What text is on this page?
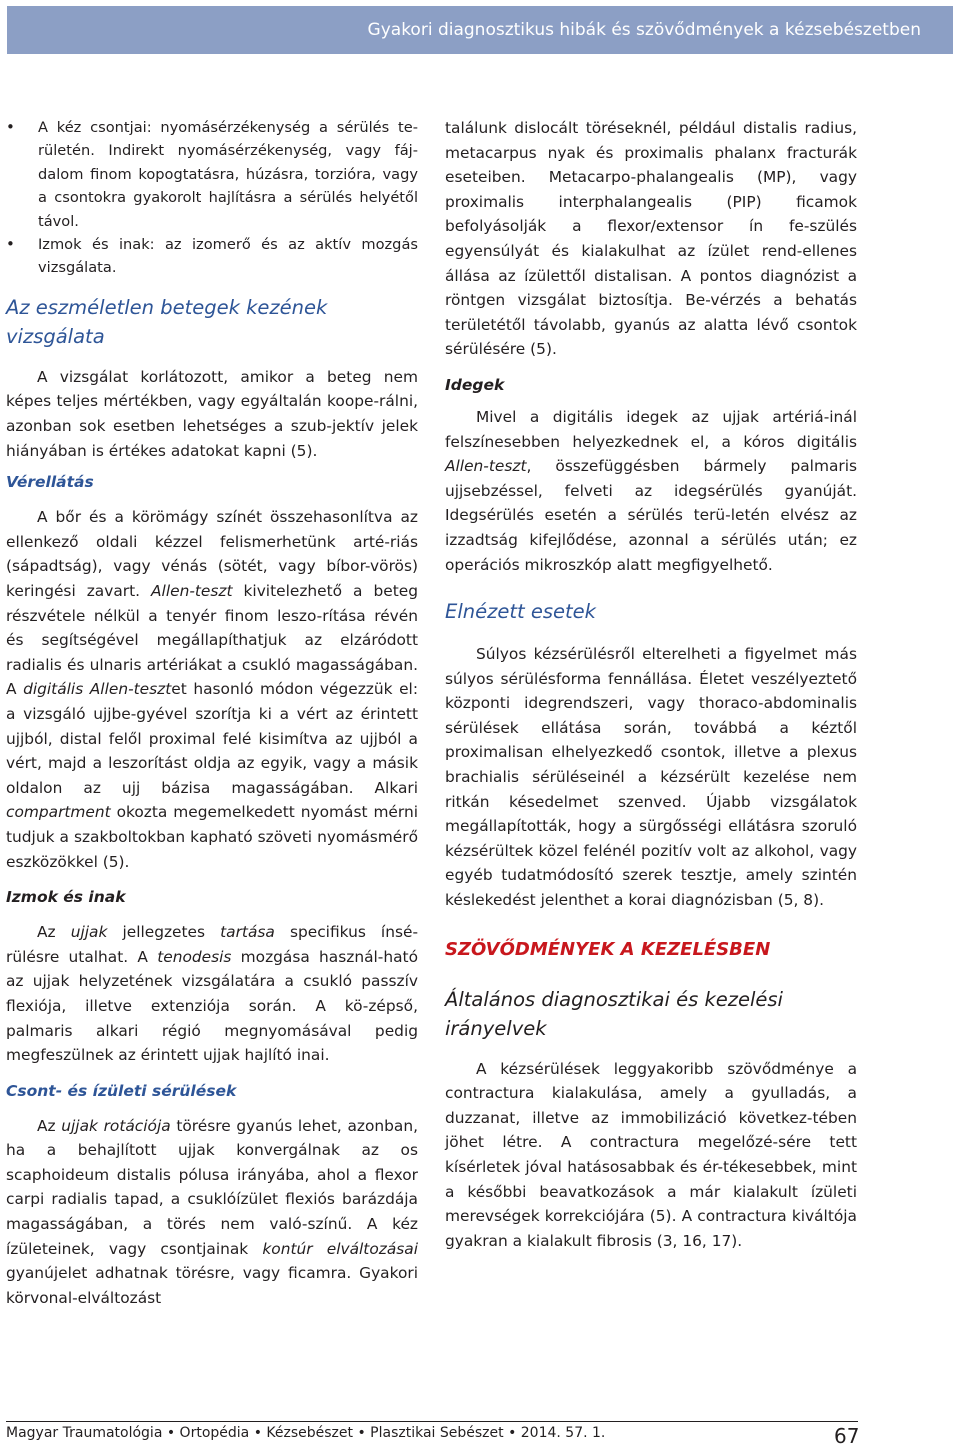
Gyakori diagnosztikus hibák és szövődmények a kézsebészetben
• A kéz csontjai: nyomásérzékenység a sérülés te-rületén. Indirekt nyomásérzékenység, vagy fáj-dalom finom kopogtatásra, húzásra, torzióra, vagy a csontokra gyakorolt hajlításra a sérülés helyétől távol.
• Izmok és inak: az izomerő és az aktív mozgás vizsgálata.
Az eszméletlen betegek kezének
vizsgálata
A vizsgálat korlátozott, amikor a beteg nem képes teljes mértékben, vagy egyáltalán koope-rálni, azonban sok esetben lehetséges a szub-jektív jelek hiányában is értékes adatokat kapni (5).
Vérellátás
A bőr és a körömágy színét összehasonlítva az ellenkező oldali kézzel felismerhetünk arté-riás (sápadtság), vagy vénás (sötét, vagy bíbor-vörös) keringési zavart. Allen-teszt kivitelezhető a beteg részvétele nélkül a tenyér finom leszo-rítása révén és segítségével megállapíthatjuk az elzáródott radialis és ulnaris artériákat a csukló magasságában. A digitális Allen-tesztet hasonló módon végezzük el: a vizsgáló ujjbe-gyével szorítja ki a vért az érintett ujjból, distal felől proximal felé kisimítva az ujjból a vért, majd a leszorítást oldja az egyik, vagy a másik oldalon az ujj bázisa magasságában. Alkari compartment okozta megemelkedett nyomást mérni tudjuk a szakboltokban kapható szöveti nyomásmérő eszközökkel (5).
Izmok és inak
Az ujjak jellegzetes tartása specifikus ínsé-rülésre utalhat. A tenodesis mozgása használ-ható az ujjak helyzetének vizsgálatára a csukló passzív flexiója, illetve extenziója során. A kö-zépső, palmaris alkari régió megnyomásával pedig megfeszülnek az érintett ujjak hajlító inai.
Csont- és ízületi sérülések
Az ujjak rotációja törésre gyanús lehet, azonban, ha a behajlított ujjak konvergálnak az os scaphoideum distalis pólusa irányába, ahol a flexor carpi radialis tapad, a csuklóízület flexiós barázdája magasságában, a törés nem való-színű. A kéz ízületeinek, vagy csontjainak kontúr elváltozásai gyanújelet adhatnak törésre, vagy ficamra. Gyakori körvonal-elváltozást
találunk dislocált töréseknél, például distalis radius, metacarpus nyak és proximalis phalanx fracturák eseteiben. Metacarpo-phalangealis (MP), vagy proximalis interphalangealis (PIP) ficamok befolyásolják a flexor/extensor ín fe-szülés egyensúlyát és kialakulhat az ízület rend-ellenes állása az ízülettől distalisan. A pontos diagnózist a röntgen vizsgálat biztosítja. Be-vérzés a behatás területétől távolabb, gyanús az alatta lévő csontok sérülésére (5).
Idegek
Mivel a digitális idegek az ujjak artériá-inál felszínesebben helyezkednek el, a kóros digitális Allen-teszt, összefüggésben bármely palmaris ujjsebzéssel, felveti az idegsérülés gyanúját. Idegsérülés esetén a sérülés terü-letén elvész az izzadtság kifejlődése, azonnal a sérülés után; ez operációs mikroszkóp alatt megfigyelhető.
Elnézett esetek
Súlyos kézsérülésről elterelheti a figyelmet más súlyos sérülésforma fennállása. Életet veszélyeztető központi idegrendszeri, vagy thoraco-abdominalis sérülések ellátása során, továbbá a kéztől proximalisan elhelyezkedő csontok, illetve a plexus brachialis sérüléseinél a kézsérült kezelése nem ritkán késedelmet szenved. Újabb vizsgálatok megállapították, hogy a sürgősségi ellátásra szoruló kézsérültek közel felénél pozitív volt az alkohol, vagy egyéb tudatmódosító szerek tesztje, amely szintén késlekedést jelenthet a korai diagnózisban (5, 8).
SZÖVŐDMÉNYEK A KEZELÉSBEN
Általános diagnosztikai és kezelési
irányelvek
A kézsérülések leggyakoribb szövődménye a contractura kialakulása, amely a gyulladás, a duzzanat, illetve az immobilizáció következ-tében jöhet létre. A contractura megelőzé-sére tett kísérletek jóval hatásosabbak és ér-tékesebbek, mint a későbbi beavatkozások a már kialakult ízületi merevségek korrekciójára (5). A contractura kiváltója gyakran a kialakult fibrosis (3, 16, 17).
Magyar Traumatológia • Ortopédia • Kézsebészet • Plasztikai Sebészet • 2014. 57. 1.	67
